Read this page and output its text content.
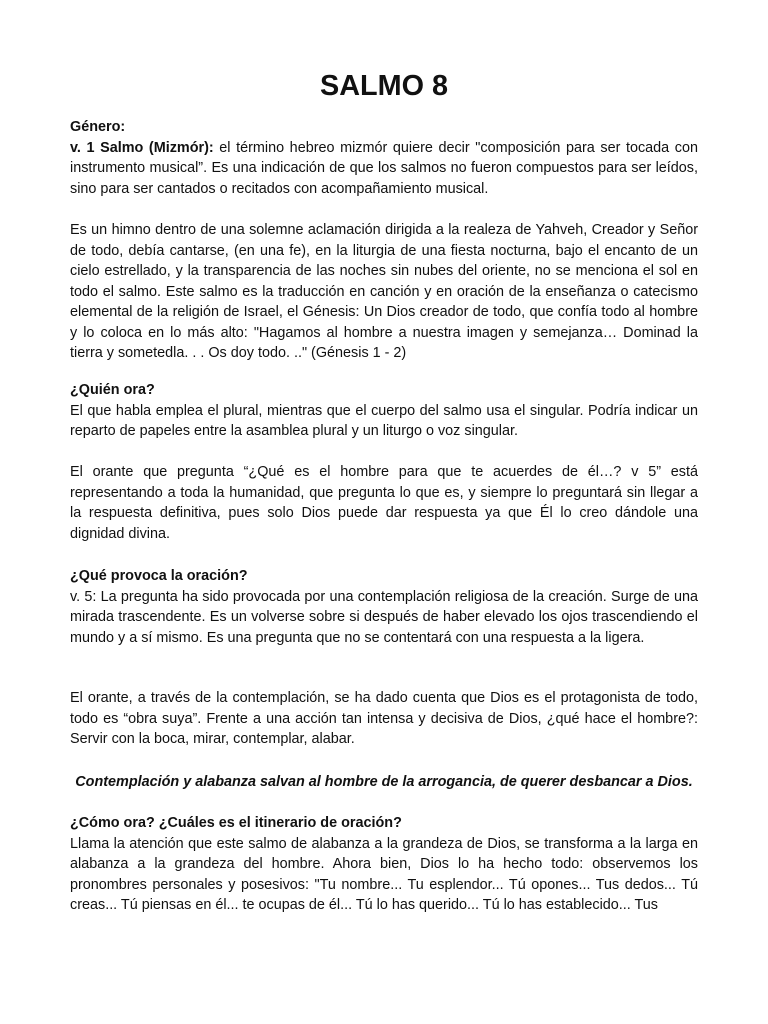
SALMO 8

Género:
v. 1 Salmo (Mizmór): el término hebreo mizmór quiere decir "composición para ser tocada con instrumento musical”. Es una indicación de que los salmos no fueron compuestos para ser leídos, sino para ser cantados o recitados con acompañamiento musical.

Es un himno dentro de una solemne aclamación dirigida a la realeza de Yahveh, Creador y Señor de todo, debía cantarse, (en una fe), en la liturgia de una fiesta nocturna, bajo el encanto de un cielo estrellado, y la transparencia de las noches sin nubes del oriente, no se menciona el sol en todo el salmo. Este salmo es la traducción en canción y en oración de la enseñanza o catecismo elemental de la religión de Israel, el Génesis: Un Dios creador de todo, que confía todo al hombre y lo coloca en lo más alto: "Hagamos al hombre a nuestra imagen y semejanza… Dominad la tierra y sometedla. . . Os doy todo. .." (Génesis 1 - 2)

¿Quién ora?
El que habla emplea el plural, mientras que el cuerpo del salmo usa el singular. Podría indicar un reparto de papeles entre la asamblea plural y un liturgo o voz singular.

El orante que pregunta “¿Qué es el hombre para que te acuerdes de él…? v 5” está representando a toda la humanidad, que pregunta lo que es, y siempre lo preguntará sin llegar a la respuesta definitiva, pues solo Dios puede dar respuesta ya que Él lo creo dándole una dignidad divina.

¿Qué provoca la oración?
v. 5: La pregunta ha sido provocada por una contemplación religiosa de la creación. Surge de una mirada trascendente. Es un volverse sobre si después de haber elevado los ojos trascendiendo el mundo y a sí mismo. Es una pregunta que no se contentará con una respuesta a la ligera.

El orante, a través de la contemplación, se ha dado cuenta que Dios es el protagonista de todo, todo es “obra suya”. Frente a una acción tan intensa y decisiva de Dios, ¿qué hace el hombre?: Servir con la boca, mirar, contemplar, alabar.

Contemplación y alabanza salvan al hombre de la arrogancia, de querer desbancar a Dios.

¿Cómo ora? ¿Cuáles es el itinerario de oración?
Llama la atención que este salmo de alabanza a la grandeza de Dios, se transforma a la larga en alabanza a la grandeza del hombre. Ahora bien, Dios lo ha hecho todo: observemos los pronombres personales y posesivos: "Tu nombre... Tu esplendor... Tú opones... Tus dedos... Tú creas... Tú piensas en él... te ocupas de él... Tú lo has querido... Tú lo has establecido... Tus
